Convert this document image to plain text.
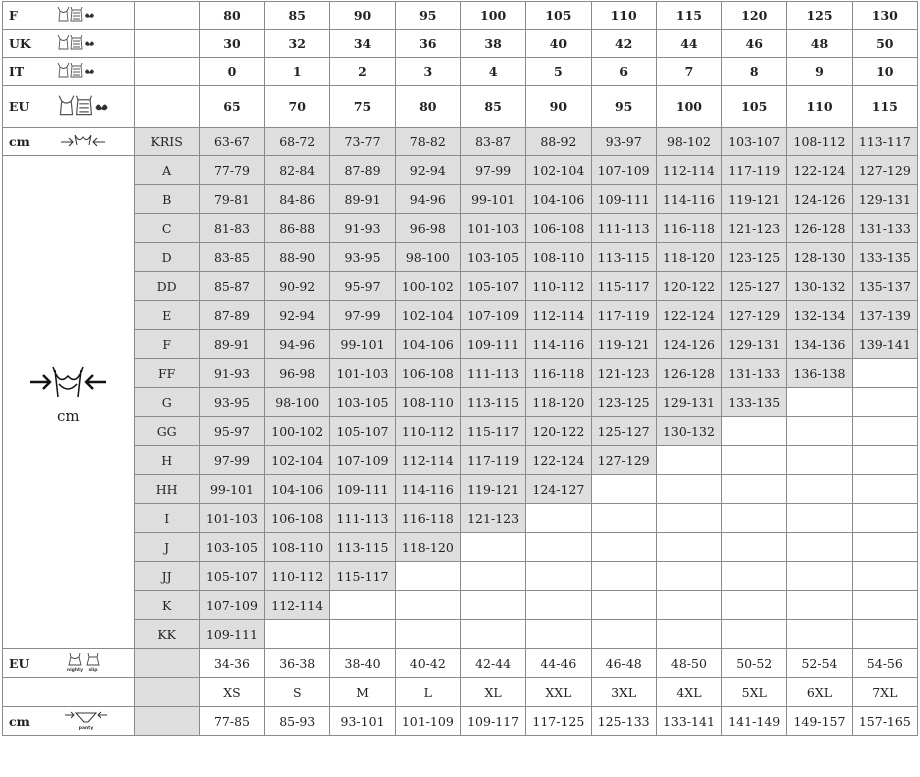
F		80	85	90	95	100	105	110	115	120	125	130

UK		30	32	34	36	38	40	42	44	46	48	50

IT		0	1	2	3	4	5	6	7	8	9	10

EU		65	70	75	80	85	90	95	100	105	110	115

cm	KRIS	63-67	68-72	73-77	78-82	83-87	88-92	93-97	98-102	103-107	108-112	113-117

cm	A	77-79	82-84	87-89	92-94	97-99	102-104	107-109	112-114	117-119	122-124	127-129
	B	79-81	84-86	89-91	94-96	99-101	104-106	109-111	114-116	119-121	124-126	129-131
	C	81-83	86-88	91-93	96-98	101-103	106-108	111-113	116-118	121-123	126-128	131-133
	D	83-85	88-90	93-95	98-100	103-105	108-110	113-115	118-120	123-125	128-130	133-135
	DD	85-87	90-92	95-97	100-102	105-107	110-112	115-117	120-122	125-127	130-132	135-137
	E	87-89	92-94	97-99	102-104	107-109	112-114	117-119	122-124	127-129	132-134	137-139
	F	89-91	94-96	99-101	104-106	109-111	114-116	119-121	124-126	129-131	134-136	139-141
	FF	91-93	96-98	101-103	106-108	111-113	116-118	121-123	126-128	131-133	136-138	
	G	93-95	98-100	103-105	108-110	113-115	118-120	123-125	129-131	133-135		
	GG	95-97	100-102	105-107	110-112	115-117	120-122	125-127	130-132			
	H	97-99	102-104	107-109	112-114	117-119	122-124	127-129				
	HH	99-101	104-106	109-111	114-116	119-121	124-127					
	I	101-103	106-108	111-113	116-118	121-123						
	J	103-105	108-110	113-115	118-120							
	JJ	105-107	110-112	115-117								
	K	107-109	112-114									
	KK	109-111										

EU nighty slip		34-36	36-38	38-40	40-42	42-44	44-46	46-48	48-50	50-52	52-54	54-56

		XS	S	M	L	XL	XXL	3XL	4XL	5XL	6XL	7XL

cm panty		77-85	85-93	93-101	101-109	109-117	117-125	125-133	133-141	141-149	149-157	157-165
